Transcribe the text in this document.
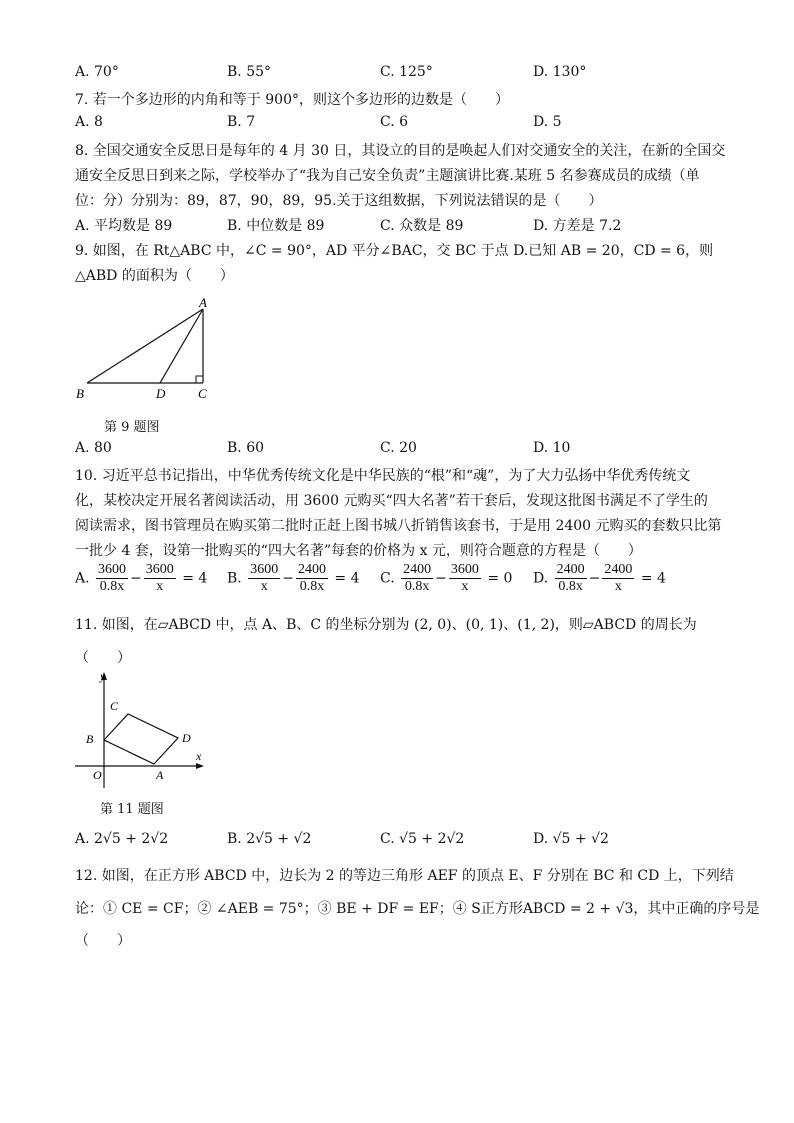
A. 70°	B. 55°	C. 125°	D. 130°
7. 若一个多边形的内角和等于 900°，则这个多边形的边数是（　　）
A. 8	B. 7	C. 6	D. 5
8. 全国交通安全反思日是每年的 4 月 30 日，其设立的目的是唤起人们对交通安全的关注，在新的全国交
通安全反思日到来之际，学校举办了“我为自己安全负责”主题演讲比赛.某班 5 名参赛成员的成绩（单
位：分）分别为：89，87，90，89，95.关于这组数据，下列说法错误的是（　　）
A. 平均数是 89	B. 中位数是 89	C. 众数是 89	D. 方差是 7.2
9. 如图，在 Rt△ABC 中，∠C = 90°，AD 平分∠BAC，交 BC 于点 D.已知 AB = 20，CD = 6，则
△ABD 的面积为（　　）
A
B	D	C
第 9 题图
A. 80	B. 60	C. 20	D. 10
10. 习近平总书记指出，中华优秀传统文化是中华民族的“根”和“魂”，为了大力弘扬中华优秀传统文
化，某校决定开展名著阅读活动，用 3600 元购买“四大名著”若干套后，发现这批图书满足不了学生的
阅读需求，图书管理员在购买第二批时正赶上图书城八折销售该套书，于是用 2400 元购买的套数只比第
一批少 4 套，设第一批购买的“四大名著”每套的价格为 x 元，则符合题意的方程是（　　）
A. $\frac{3600}{0.8x} - \frac{3600}{x} = 4$ B. $\frac{3600}{x} - \frac{2400}{0.8x} = 4$ C. $\frac{2400}{0.8x} - \frac{3600}{x} = 0$ D. $\frac{2400}{0.8x} - \frac{2400}{x} = 4$
11. 如图，在▱ABCD 中，点 A、B、C 的坐标分别为 (2, 0)、(0, 1)、(1, 2)，则▱ABCD 的周长为
（　　）
y
x
O	A
B
C
D
第 11 题图
A. 2√5 + 2√2	B. 2√5 + √2	C. √5 + 2√2	D. √5 + √2
12. 如图，在正方形 ABCD 中，边长为 2 的等边三角形 AEF 的顶点 E、F 分别在 BC 和 CD 上，下列结
论：① CE = CF；② ∠AEB = 75°；③ BE + DF = EF；④ S正方形ABCD = 2 + √3，其中正确的序号是
（　　）
